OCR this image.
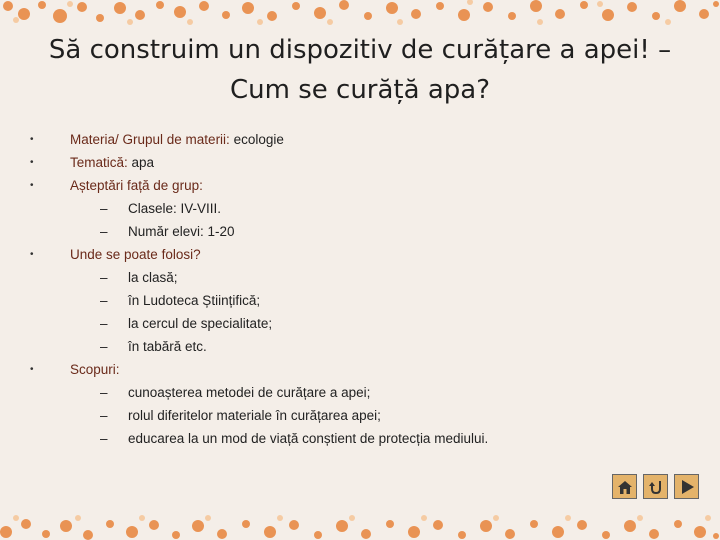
Să construim un dispozitiv de curățare a apei! –
Cum se curăță apa?
•	Materia/ Grupul de materii: ecologie
•	Tematică: apa
•	Așteptări față de grup:
– Clasele: IV-VIII.
– Număr elevi: 1-20
•	Unde se poate folosi?
– la clasă;
– în Ludoteca Științifică;
– la cercul de specialitate;
– în tabără etc.
•	Scopuri:
– cunoașterea metodei de curățare a apei;
– rolul diferitelor materiale în curățarea apei;
– educarea la un mod de viață conștient de protecția mediului.
